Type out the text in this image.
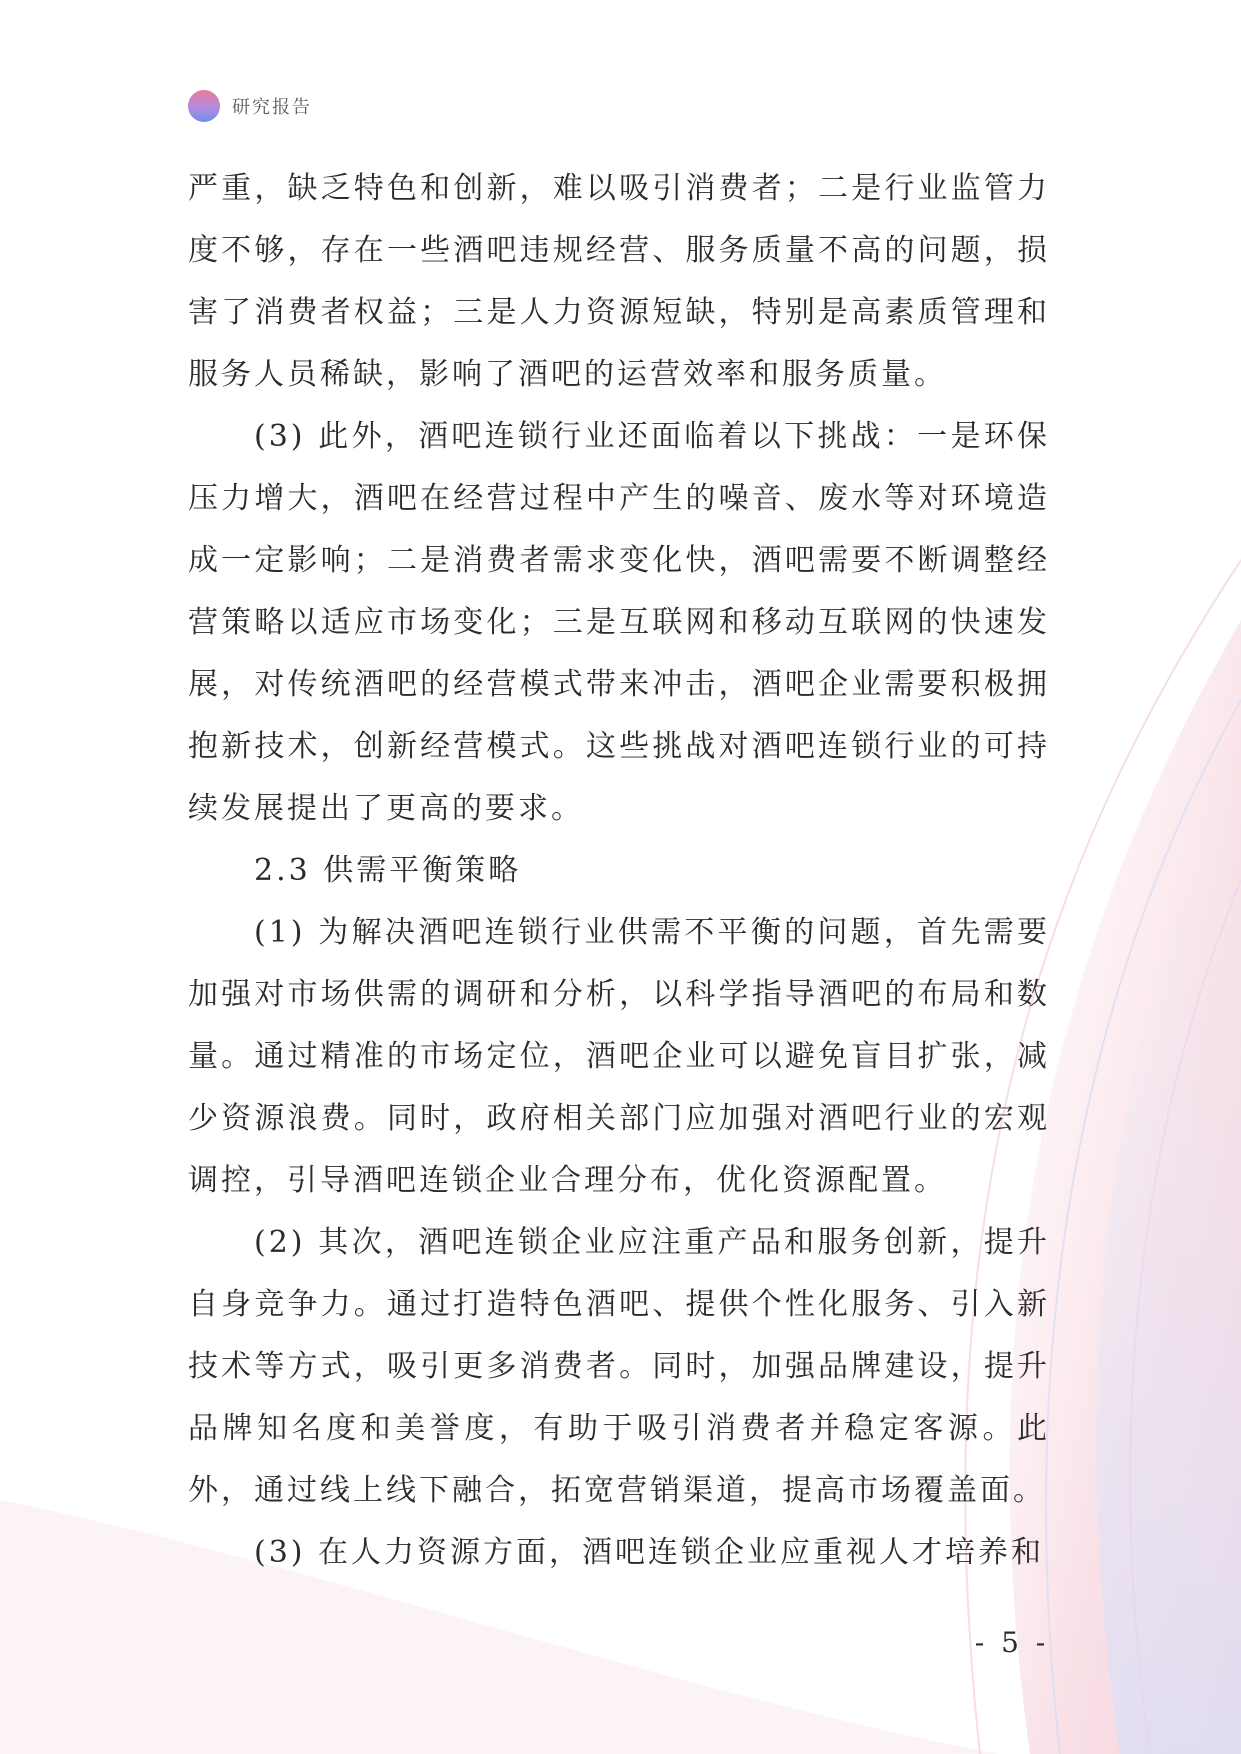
研究报告

严重，缺乏特色和创新，难以吸引消费者；二是行业监管力度不够，存在一些酒吧违规经营、服务质量不高的问题，损害了消费者权益；三是人力资源短缺，特别是高素质管理和服务人员稀缺，影响了酒吧的运营效率和服务质量。

(3) 此外，酒吧连锁行业还面临着以下挑战：一是环保压力增大，酒吧在经营过程中产生的噪音、废水等对环境造成一定影响；二是消费者需求变化快，酒吧需要不断调整经营策略以适应市场变化；三是互联网和移动互联网的快速发展，对传统酒吧的经营模式带来冲击，酒吧企业需要积极拥抱新技术，创新经营模式。这些挑战对酒吧连锁行业的可持续发展提出了更高的要求。

2.3 供需平衡策略

(1) 为解决酒吧连锁行业供需不平衡的问题，首先需要加强对市场供需的调研和分析，以科学指导酒吧的布局和数量。通过精准的市场定位，酒吧企业可以避免盲目扩张，减少资源浪费。同时，政府相关部门应加强对酒吧行业的宏观调控，引导酒吧连锁企业合理分布，优化资源配置。

(2) 其次，酒吧连锁企业应注重产品和服务创新，提升自身竞争力。通过打造特色酒吧、提供个性化服务、引入新技术等方式，吸引更多消费者。同时，加强品牌建设，提升品牌知名度和美誉度，有助于吸引消费者并稳定客源。此外，通过线上线下融合，拓宽营销渠道，提高市场覆盖面。

(3) 在人力资源方面，酒吧连锁企业应重视人才培养和

- 5 -
